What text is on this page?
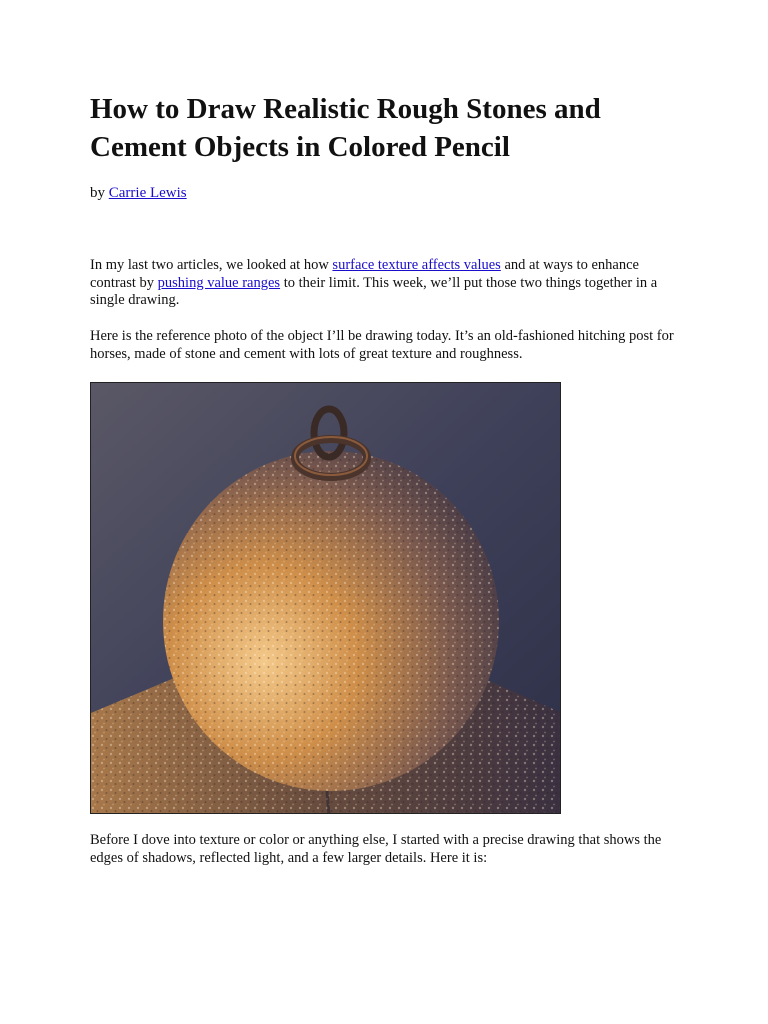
How to Draw Realistic Rough Stones and Cement Objects in Colored Pencil

by Carrie Lewis

In my last two articles, we looked at how surface texture affects values and at ways to enhance contrast by pushing value ranges to their limit. This week, we’ll put those two things together in a single drawing.

Here is the reference photo of the object I’ll be drawing today. It’s an old-fashioned hitching post for horses, made of stone and cement with lots of great texture and roughness.

Before I dove into texture or color or anything else, I started with a precise drawing that shows the edges of shadows, reflected light, and a few larger details. Here it is:
